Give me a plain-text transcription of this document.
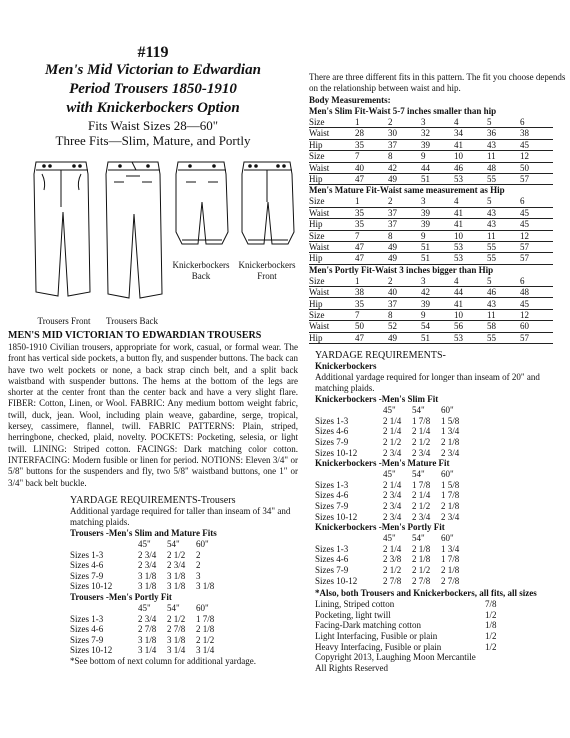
#119
Men's Mid Victorian to Edwardian
Period Trousers 1850-1910
with Knickerbockers Option
Fits Waist Sizes 28—60"
Three Fits—Slim, Mature, and Portly
Knickerbockers
Back
Knickerbockers
Front
Trousers Front	Trousers Back
MEN'S MID VICTORIAN TO EDWARDIAN TROUSERS
1850-1910 Civilian trousers, appropriate for work, casual, or formal wear. The front has vertical side pockets, a button fly, and suspender buttons. The back can have two welt pockets or none, a back strap cinch belt, and a split back waistband with suspender buttons. The hems at the bottom of the legs are shorter at the center front than the center back and have a very slight flare. FIBER: Cotton, Linen, or Wool. FABRIC: Any medium bottom weight fabric, twill, duck, jean. Wool, including plain weave, gabardine, serge, tropical, kersey, cassimere, flannel, twill. FABRIC PATTERNS: Plain, striped, herringbone, checked, plaid, novelty. POCKETS: Pocketing, selesia, or light twill. LINING: Striped cotton. FACINGS: Dark matching color cotton. INTERFACING: Modern fusible or linen for period. NOTIONS: Eleven 3/4" or 5/8" buttons for the suspenders and fly, two 5/8" waistband buttons, one 1" or 3/4" back belt buckle.
YARDAGE REQUIREMENTS-Trousers
Additional yardage required for taller than inseam of 34" and matching plaids.
Trousers -Men's Slim and Mature Fits
	45"	54"	60"
Sizes 1-3	2 3/4	2 1/2	2
Sizes 4-6	2 3/4	2 3/4	2
Sizes 7-9	3 1/8	3 1/8	3
Sizes 10-12	3 1/8	3 1/8	3 1/8
Trousers -Men's Portly Fit
	45"	54"	60"
Sizes 1-3	2 3/4	2 1/2	1 7/8
Sizes 4-6	2 7/8	2 7/8	2 1/8
Sizes 7-9	3 1/8	3 1/8	2 1/2
Sizes 10-12	3 1/4	3 1/4	3 1/4
*See bottom of next column for additional yardage.
There are three different fits in this pattern. The fit you choose depends on the relationship between waist and hip.
Body Measurements:
Men's Slim Fit-Waist 5-7 inches smaller than hip
Size	1	2	3	4	5	6
Waist	28	30	32	34	36	38
Hip	35	37	39	41	43	45
Size	7	8	9	10	11	12
Waist	40	42	44	46	48	50
Hip	47	49	51	53	55	57
Men's Mature Fit-Waist same measurement as Hip
Size	1	2	3	4	5	6
Waist	35	37	39	41	43	45
Hip	35	37	39	41	43	45
Size	7	8	9	10	11	12
Waist	47	49	51	53	55	57
Hip	47	49	51	53	55	57
Men's Portly Fit-Waist 3 inches bigger than Hip
Size	1	2	3	4	5	6
Waist	38	40	42	44	46	48
Hip	35	37	39	41	43	45
Size	7	8	9	10	11	12
Waist	50	52	54	56	58	60
Hip	47	49	51	53	55	57
YARDAGE REQUIREMENTS-
Knickerbockers
Additional yardage required for longer than inseam of 20" and matching plaids.
Knickerbockers -Men's Slim Fit
	45"	54"	60"
Sizes 1-3	2 1/4	1 7/8	1 5/8
Sizes 4-6	2 1/4	2 1/4	1 3/4
Sizes 7-9	2 1/2	2 1/2	2 1/8
Sizes 10-12	2 3/4	2 3/4	2 3/4
Knickerbockers -Men's Mature Fit
	45"	54"	60"
Sizes 1-3	2 1/4	1 7/8	1 5/8
Sizes 4-6	2 3/4	2 1/4	1 7/8
Sizes 7-9	2 3/4	2 1/2	2 1/8
Sizes 10-12	2 3/4	2 3/4	2 3/4
Knickerbockers -Men's Portly Fit
	45"	54"	60"
Sizes 1-3	2 1/4	2 1/8	1 3/4
Sizes 4-6	2 3/8	2 1/8	1 7/8
Sizes 7-9	2 1/2	2 1/2	2 1/8
Sizes 10-12	2 7/8	2 7/8	2 7/8
*Also, both Trousers and Knickerbockers, all fits, all sizes
Lining, Striped cotton	7/8
Pocketing, light twill	1/2
Facing-Dark matching cotton	1/8
Light Interfacing, Fusible or plain	1/2
Heavy Interfacing, Fusible or plain	1/2
Copyright 2013, Laughing Moon Mercantile
All Rights Reserved
